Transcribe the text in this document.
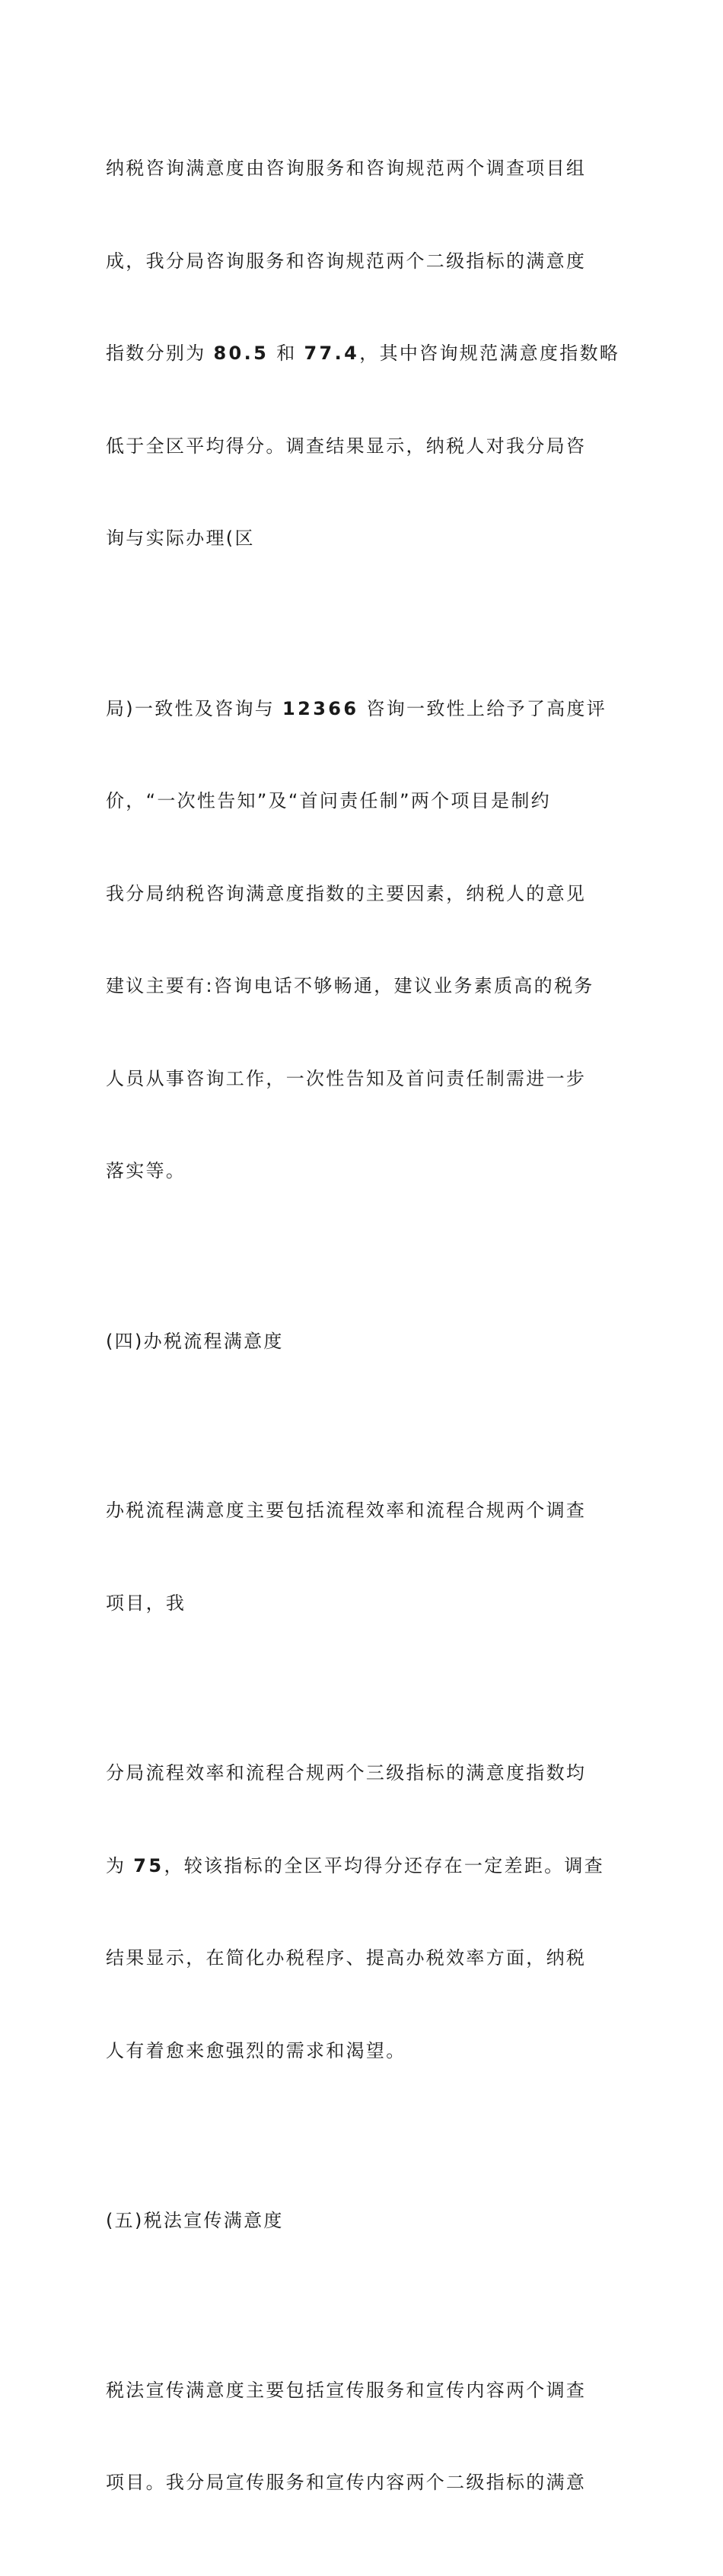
纳税咨询满意度由咨询服务和咨询规范两个调查项目组

成，我分局咨询服务和咨询规范两个二级指标的满意度

指数分别为 80.5 和 77.4，其中咨询规范满意度指数略

低于全区平均得分。调查结果显示，纳税人对我分局咨

询与实际办理(区

局)一致性及咨询与 12366 咨询一致性上给予了高度评

价，“一次性告知”及“首问责任制”两个项目是制约

我分局纳税咨询满意度指数的主要因素，纳税人的意见

建议主要有:咨询电话不够畅通，建议业务素质高的税务

人员从事咨询工作，一次性告知及首问责任制需进一步

落实等。

(四)办税流程满意度

办税流程满意度主要包括流程效率和流程合规两个调查

项目，我

分局流程效率和流程合规两个三级指标的满意度指数均

为 75，较该指标的全区平均得分还存在一定差距。调查

结果显示，在简化办税程序、提高办税效率方面，纳税

人有着愈来愈强烈的需求和渴望。

(五)税法宣传满意度

税法宣传满意度主要包括宣传服务和宣传内容两个调查

项目。我分局宣传服务和宣传内容两个二级指标的满意
